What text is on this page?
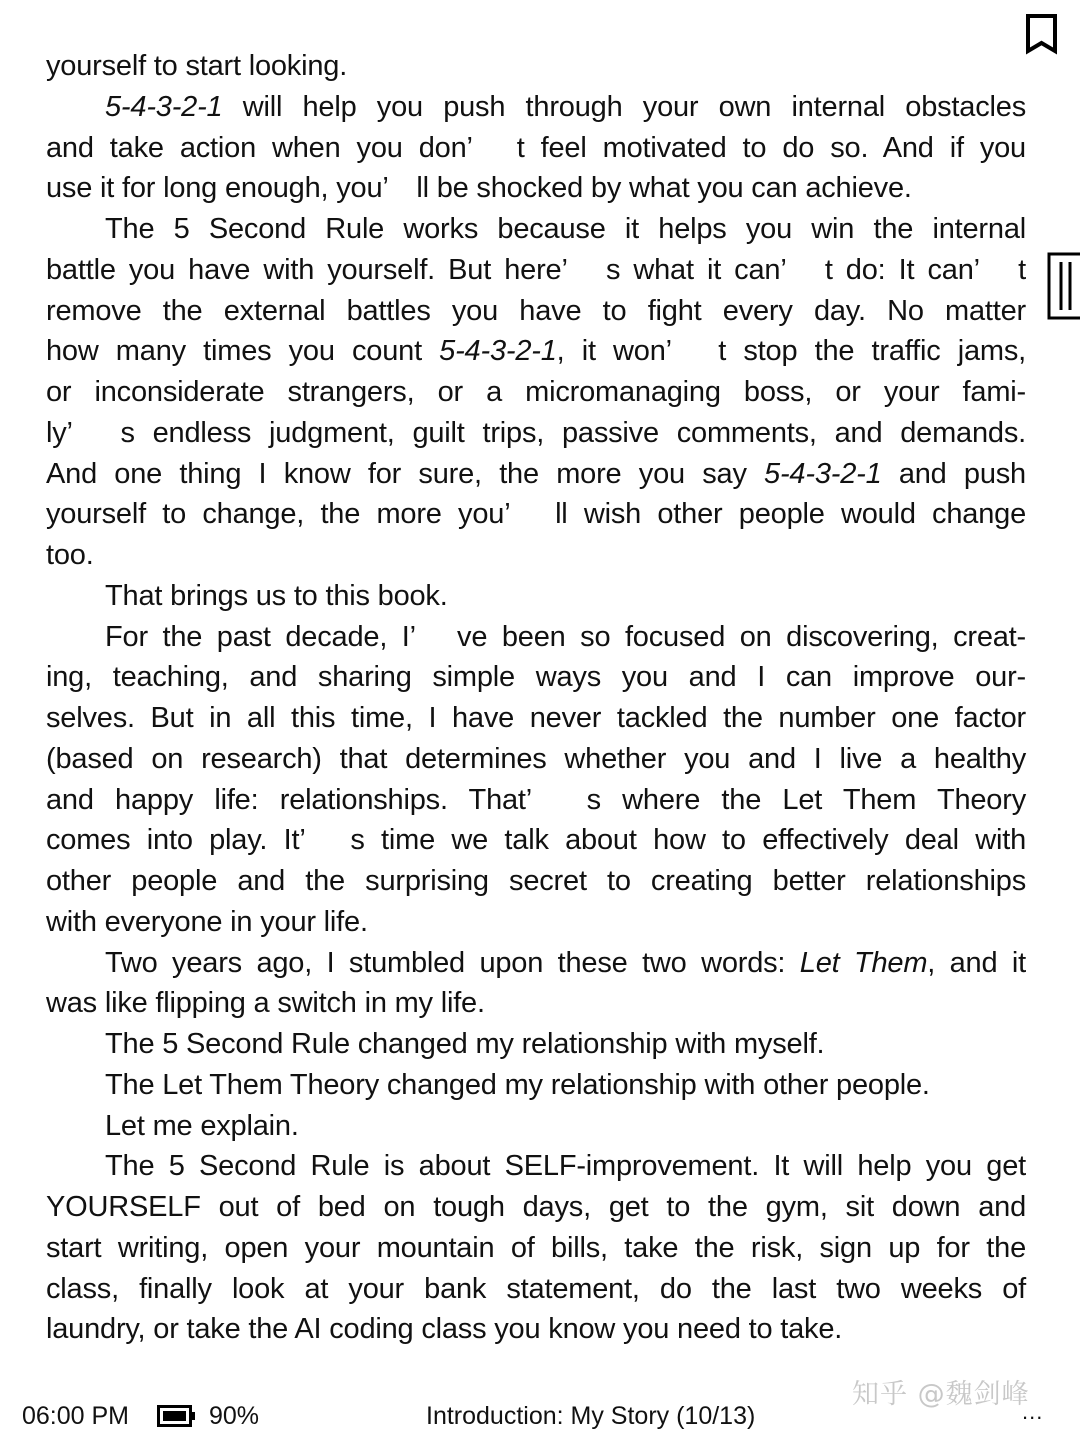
yourself to start looking.
5-4-3-2-1 will help you push through your own internal obstacles
and take action when you don’　t feel motivated to do so. And if you
use it for long enough, you’　ll be shocked by what you can achieve.
The 5 Second Rule works because it helps you win the internal
battle you have with yourself. But here’　s what it can’　t do: It can’　t
remove the external battles you have to fight every day. No matter
how many times you count 5-4-3-2-1, it won’　t stop the traffic jams,
or inconsiderate strangers, or a micromanaging boss, or your fami-
ly’　s endless judgment, guilt trips, passive comments, and demands.
And one thing I know for sure, the more you say 5-4-3-2-1 and push
yourself to change, the more you’　ll wish other people would change
too.
That brings us to this book.
For the past decade, I’　ve been so focused on discovering, creat-
ing, teaching, and sharing simple ways you and I can improve our-
selves. But in all this time, I have never tackled the number one factor
(based on research) that determines whether you and I live a healthy
and happy life: relationships. That’　s where the Let Them Theory
comes into play. It’　s time we talk about how to effectively deal with
other people and the surprising secret to creating better relationships
with everyone in your life.
Two years ago, I stumbled upon these two words: Let Them, and it
was like flipping a switch in my life.
The 5 Second Rule changed my relationship with myself.
The Let Them Theory changed my relationship with other people.
Let me explain.
The 5 Second Rule is about SELF-improvement. It will help you get
YOURSELF out of bed on tough days, get to the gym, sit down and
start writing, open your mountain of bills, take the risk, sign up for the
class, finally look at your bank statement, do the last two weeks of
laundry, or take the AI coding class you know you need to take.
知乎 @魏剑峰
06:00 PM	90%	Introduction: My Story (10/13)	...
